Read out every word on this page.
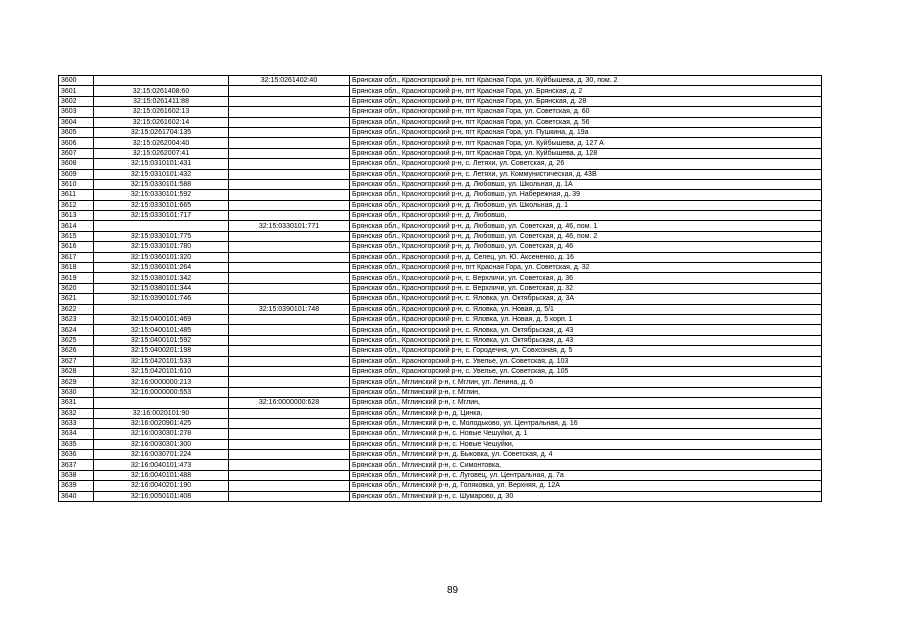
3600		32:15:0261402:40	Брянская обл., Красногорский р-н, пгт Красная Гора, ул. Куйбышева, д. 30, пом. 2
3601	32:15:0261408:60		Брянская обл., Красногорский р-н, пгт Красная Гора, ул. Брянская, д. 2
3602	32:15:0261411:88		Брянская обл., Красногорский р-н, пгт Красная Гора, ул. Брянская, д. 28
3603	32:15:0261602:13		Брянская обл., Красногорский р-н, пгт Красная Гора, ул. Советская, д. 60
3604	32:15:0261602:14		Брянская обл., Красногорский р-н, пгт Красная Гора, ул. Советская, д. 56
3605	32:15:0261704:135		Брянская обл., Красногорский р-н, пгт Красная Гора, ул. Пушкина, д. 19а
3606	32:15:0262004:40		Брянская обл., Красногорский р-н, пгт Красная Гора, ул. Куйбышева, д. 127 А
3607	32:15:0262007:41		Брянская обл., Красногорский р-н, пгт Красная Гора, ул. Куйбышева, д. 128
3608	32:15:0310101:431		Брянская обл., Красногорский р-н, с. Летяхи, ул. Советская, д. 26
3609	32:15:0310101:432		Брянская обл., Красногорский р-н, с. Летяхи, ул. Коммунистическая, д. 43В
3610	32:15:0330101:588		Брянская обл., Красногорский р-н, д. Любовшо, ул. Школьная, д. 1А
3611	32:15:0330101:592		Брянская обл., Красногорский р-н, д. Любовшо, ул. Набережная, д. 39
3612	32:15:0330101:665		Брянская обл., Красногорский р-н, д. Любовшо, ул. Школьная, д. 1
3613	32:15:0330101:717		Брянская обл., Красногорский р-н, д. Любовшо,
3614		32:15:0330101:771	Брянская обл., Красногорский р-н, д. Любовшо, ул. Советская, д. 46, пом. 1
3615	32:15:0330101:775		Брянская обл., Красногорский р-н, д. Любовшо, ул. Советская, д. 46, пом. 2
3616	32:15:0330101:780		Брянская обл., Красногорский р-н, д. Любовшо, ул. Советская, д. 46
3617	32:15:0360101:320		Брянская обл., Красногорский р-н, д. Селец, ул. Ю. Аксененко, д. 16
3618	32:15:0360101:264		Брянская обл., Красногорский р-н, пгт Красная Гора, ул. Советская, д. 32
3619	32:15:0380101:342		Брянская обл., Красногорский р-н, с. Верхличи, ул. Советская, д. 36
3620	32:15:0380101:344		Брянская обл., Красногорский р-н, с. Верхличи, ул. Советская, д. 32
3621	32:15:0390101:746		Брянская обл., Красногорский р-н, с. Яловка, ул. Октябрьская, д. 3А
3622		32:15:0390101:748	Брянская обл., Красногорский р-н, с. Яловка, ул. Новая, д. 5/1
3623	32:15:0400101:469		Брянская обл., Красногорский р-н, с. Яловка, ул. Новая, д. 5 корп. 1
3624	32:15:0400101:485		Брянская обл., Красногорский р-н, с. Яловка, ул. Октябрьская, д. 43
3625	32:15:0400101:592		Брянская обл., Красногорский р-н, с. Яловка, ул. Октябрьская, д. 43
3626	32:15:0400201:198		Брянская обл., Красногорский р-н, с. Городечня, ул. Совхозная, д. 5
3627	32:15:0420101:533		Брянская обл., Красногорский р-н, с. Увелье, ул. Советская, д. 103
3628	32:15:0420101:610		Брянская обл., Красногорский р-н, с. Увелье, ул. Советская, д. 105
3629	32:16:0000000:213		Брянская обл., Мглинский р-н, г. Мглин, ул. Ленина, д. 6
3630	32:16:0000000:553		Брянская обл., Мглинский р-н, г. Мглин,
3631		32:16:0000000:628	Брянская обл., Мглинский р-н, г. Мглин,
3632	32:16:0020101:90		Брянская обл., Мглинский р-н, д. Цинка,
3633	32:16:0020901:425		Брянская обл., Мглинский р-н, с. Молодьково, ул. Центральная, д. 16
3634	32:16:0030301:278		Брянская обл., Мглинский р-н, с. Новые Чешуйки, д. 1
3635	32:16:0030301:300		Брянская обл., Мглинский р-н, с. Новые Чешуйки,
3636	32:16:0030701:224		Брянская обл., Мглинский р-н, д. Быковка, ул. Советская, д. 4
3637	32:16:0040101:473		Брянская обл., Мглинский р-н, с. Симонтовка,
3638	32:16:0040101:488		Брянская обл., Мглинский р-н, с. Луговец, ул. Центральная, д. 7а
3639	32:16:0040201:190		Брянская обл., Мглинский р-н, д. Голяковка, ул. Верхняя, д. 12А
3640	32:16:0050101:408		Брянская обл., Мглинский р-н, с. Шумарово, д. 30
89
